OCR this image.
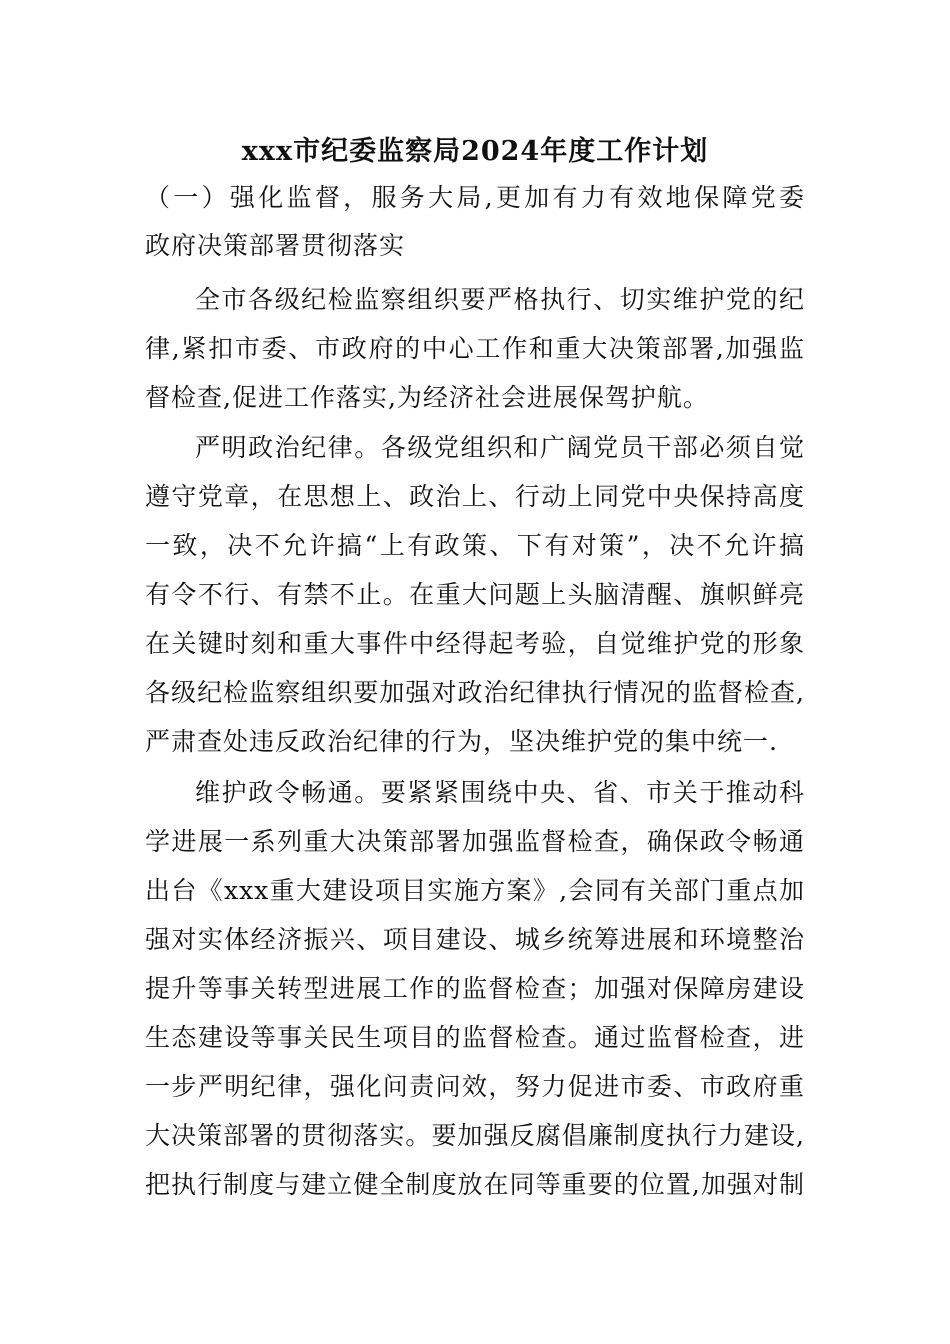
xxx市纪委监察局2024年度工作计划
（一）强化监督，服务大局,更加有力有效地保障党委
政府决策部署贯彻落实
全市各级纪检监察组织要严格执行、切实维护党的纪
律,紧扣市委、市政府的中心工作和重大决策部署,加强监
督检查,促进工作落实,为经济社会进展保驾护航。
严明政治纪律。各级党组织和广阔党员干部必须自觉
遵守党章，在思想上、政治上、行动上同党中央保持高度
一致，决不允许搞“上有政策、下有对策”，决不允许搞
有令不行、有禁不止。在重大问题上头脑清醒、旗帜鲜亮
在关键时刻和重大事件中经得起考验，自觉维护党的形象
各级纪检监察组织要加强对政治纪律执行情况的监督检查,
严肃查处违反政治纪律的行为，坚决维护党的集中统一.
维护政令畅通。要紧紧围绕中央、省、市关于推动科
学进展一系列重大决策部署加强监督检查，确保政令畅通
出台《xxx重大建设项目实施方案》,会同有关部门重点加
强对实体经济振兴、项目建设、城乡统筹进展和环境整治
提升等事关转型进展工作的监督检查；加强对保障房建设
生态建设等事关民生项目的监督检查。通过监督检查，进
一步严明纪律，强化问责问效，努力促进市委、市政府重
大决策部署的贯彻落实。要加强反腐倡廉制度执行力建设,
把执行制度与建立健全制度放在同等重要的位置,加强对制
